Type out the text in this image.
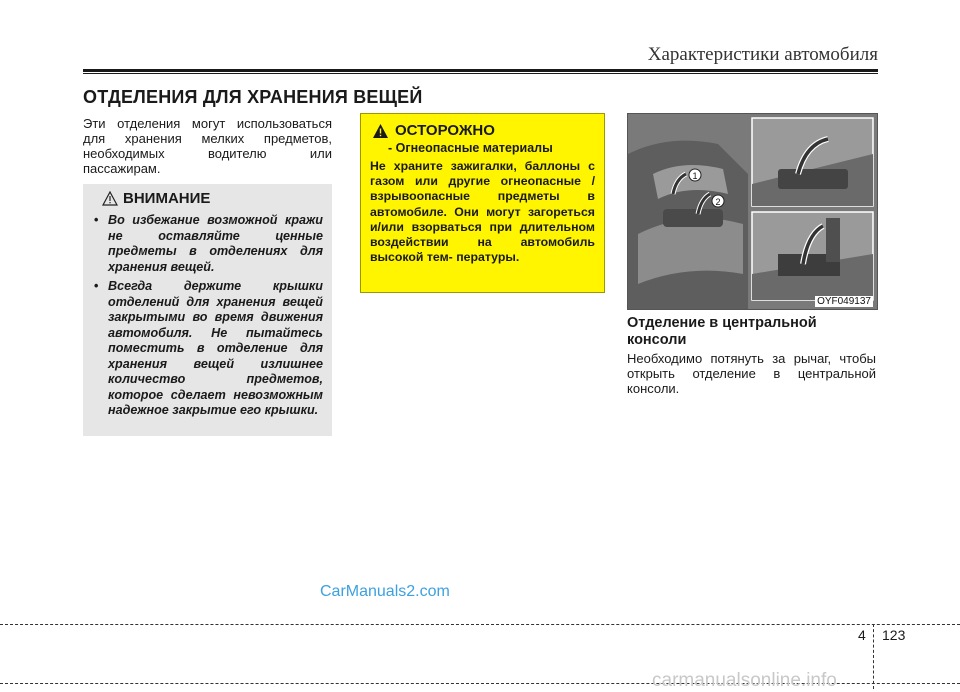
Характеристики автомобиля
ОТДЕЛЕНИЯ ДЛЯ ХРАНЕНИЯ ВЕЩЕЙ
Эти отделения могут использоваться для хранения мелких предметов, необходимых водителю или пассажирам.
ВНИМАНИЕ
• Во избежание возможной кражи не оставляйте ценные предметы в отделениях для хранения вещей.
• Всегда держите крышки отделений для хранения вещей закрытыми во время движения автомобиля. Не пытайтесь поместить в отделение для хранения вещей излишнее количество предметов, которое сделает невозможным надежное закрытие его крышки.
ОСТОРОЖНО
- Огнеопасные материалы
Не храните зажигалки, баллоны с газом или другие огнеопасные / взрывоопасные предметы в автомобиле. Они могут загореться и/или взорваться при длительном воздействии на автомобиль высокой тем- пературы.
1
2
OYF049137
Отделение в центральной консоли
Необходимо потянуть за рычаг, чтобы открыть отделение в центральной консоли.
CarManuals2.com
4 123
carmanualsonline.info
